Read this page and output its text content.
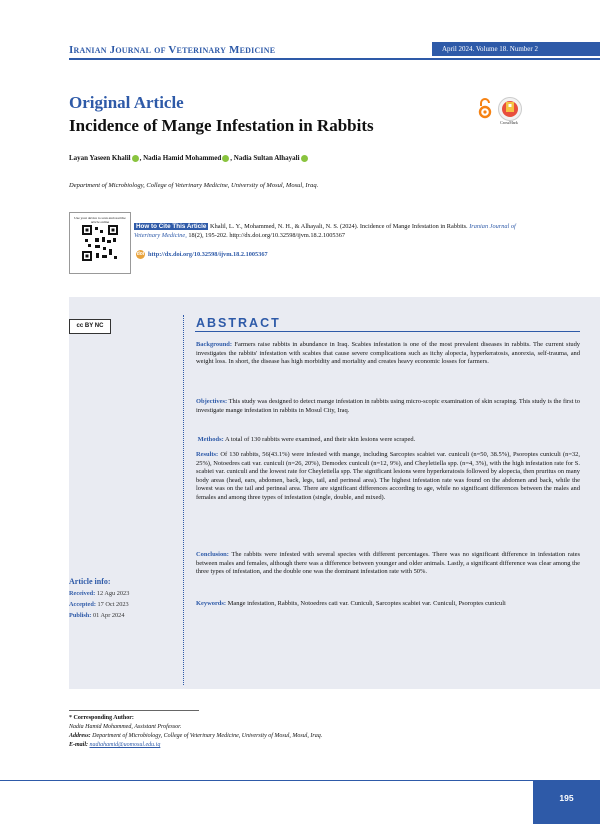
Iranian Journal of Veterinary Medicine	April 2024. Volume 18. Number 2
Original Article
Incidence of Mange Infestation in Rabbits	CrossMark
Layan Yaseen Khalil , Nadia Hamid Mohammed , Nadia Sultan Alhayali
Department of Microbiology, College of Veterinary Medicine, University of Mosul, Mosul, Iraq.
Use your device to scan and read the article online
How to Cite This Article Khalil, L. Y., Mohammed, N. H., & Alhayali, N. S. (2024). Incidence of Mange Infestation in Rabbits. Iranian Journal of Veterinary Medicine, 18(2), 195-202. http://dx.doi.org/10.32598/ijvm.18.2.1005367
doi http://dx.doi.org/10.32598/ijvm.18.2.1005367
cc BY NC	ABSTRACT
Background: Farmers raise rabbits in abundance in Iraq. Scabies infestation is one of the most prevalent diseases in rabbits. The current study investigates the rabbits' infestation with scabies that cause severe complications such as itchy alopecia, hyperkeratosis, anorexia, self-trauma, and weight loss. In short, the disease has high morbidity and mortality and creates heavy economic losses for farmers.
Objectives: This study was designed to detect mange infestation in rabbits using micro-scopic examination of skin scraping. This study is the first to investigate mange infestation in rabbits in Mosul City, Iraq.
Methods: A total of 130 rabbits were examined, and their skin lesions were scraped.
Results: Of 130 rabbits, 56(43.1%) were infested with mange, including Sarcoptes scabiei var. cuniculi (n=50, 38.5%), Psoroptes cuniculi (n=32, 25%), Notoedres cati var. cuniculi (n=26, 20%), Demodex cuniculi (n=12, 9%), and Cheyletiella spp. (n=4, 3%), with the high infestation rate for S. scabiei var. cuniculi and the lowest rate for Cheyletiella spp. The significant lesions were hyperkeratosis followed by alopecia, then pruritus on many body areas (head, ears, abdomen, back, legs, tail, and perineal area). The highest infestation rate was found on the abdomen and back, while the lowest was on the tail and perineal area. There are significant differences according to age, while no significant differences between the males and females and among three types of infestation (single, double, and mixed).
Conclusion: The rabbits were infested with several species with different percentages. There was no significant difference in infestation rates between males and females, although there was a difference between younger and older animals. Lastly, a significant difference was clear among the three types of infestation, and the double one was the dominant infestation rate with 50%.
Keywords: Mange infestation, Rabbits, Notoedres cati var. Cuniculi, Sarcoptes scabiei var. Cuniculi, Psoroptes cuniculi
Article info:
Received: 12 Agu 2023
Accepted: 17 Oct 2023
Publish: 01 Apr 2024
* Corresponding Author:
Nadia Hamid Mohammed, Assistant Professor.
Address: Department of Microbiology, College of Veterinary Medicine, University of Mosul, Mosul, Iraq.
E-mail: nadiahamid@uomosul.edu.iq
195
